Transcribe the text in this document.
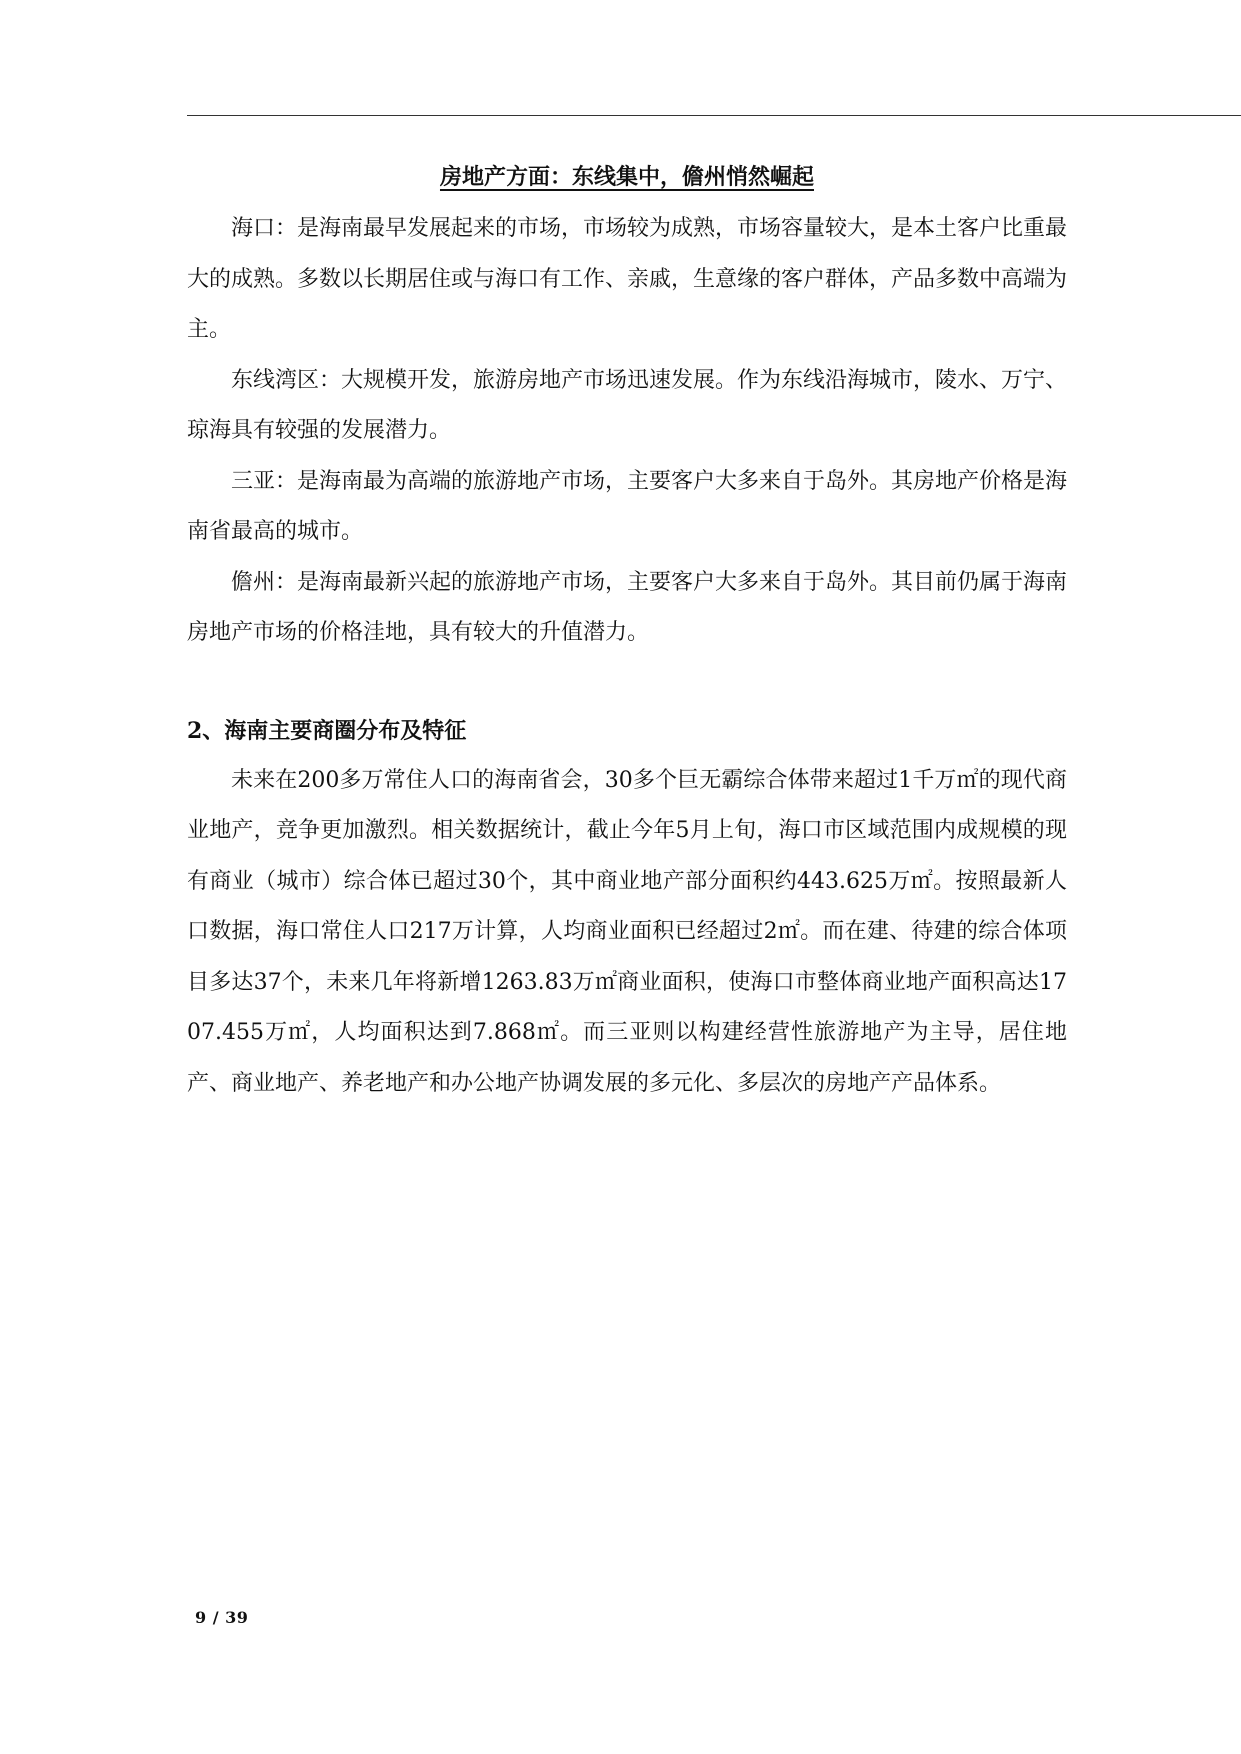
房地产方面：东线集中，儋州悄然崛起

海口：是海南最早发展起来的市场，市场较为成熟，市场容量较大，是本土客户比重最大的成熟。多数以长期居住或与海口有工作、亲戚，生意缘的客户群体，产品多数中高端为主。

东线湾区：大规模开发，旅游房地产市场迅速发展。作为东线沿海城市，陵水、万宁、琼海具有较强的发展潜力。

三亚：是海南最为高端的旅游地产市场，主要客户大多来自于岛外。其房地产价格是海南省最高的城市。

儋州：是海南最新兴起的旅游地产市场，主要客户大多来自于岛外。其目前仍属于海南房地产市场的价格洼地，具有较大的升值潜力。

2、海南主要商圈分布及特征

未来在200多万常住人口的海南省会，30多个巨无霸综合体带来超过1千万㎡的现代商业地产，竞争更加激烈。相关数据统计，截止今年5月上旬，海口市区域范围内成规模的现有商业（城市）综合体已超过30个，其中商业地产部分面积约443.625万㎡。按照最新人口数据，海口常住人口217万计算，人均商业面积已经超过2㎡。而在建、待建的综合体项目多达37个，未来几年将新增1263.83万㎡商业面积，使海口市整体商业地产面积高达1707.455万㎡，人均面积达到7.868㎡。而三亚则以构建经营性旅游地产为主导，居住地产、商业地产、养老地产和办公地产协调发展的多元化、多层次的房地产产品体系。

9 / 39
